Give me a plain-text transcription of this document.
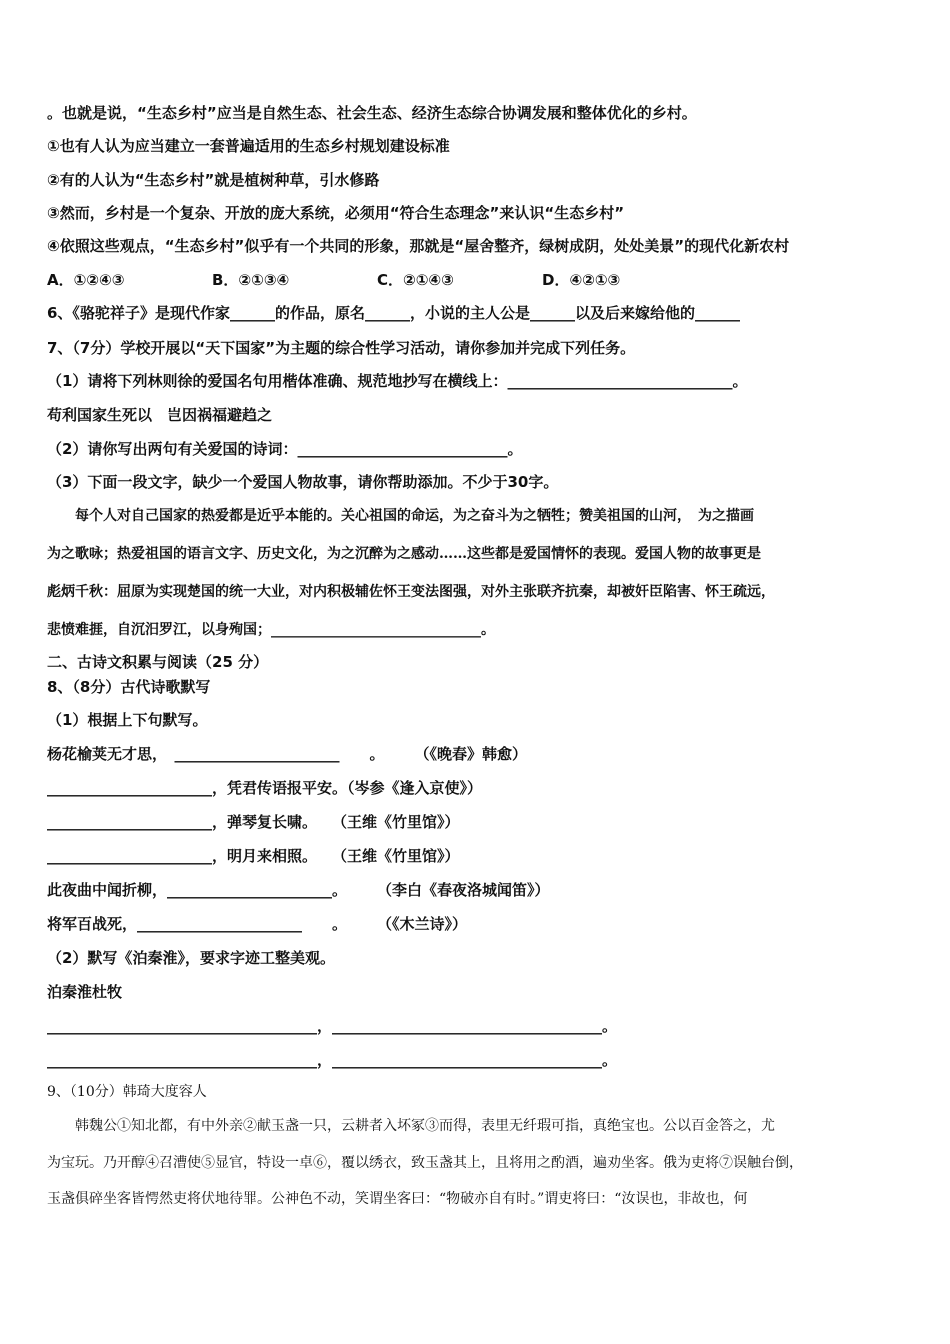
。也就是说，“生态乡村”应当是自然生态、社会生态、经济生态综合协调发展和整体优化的乡村。
①也有人认为应当建立一套普遍适用的生态乡村规划建设标准
②有的人认为“生态乡村”就是植树种草，引水修路
③然而，乡村是一个复杂、开放的庞大系统，必须用“符合生态理念”来认识“生态乡村”
④依照这些观点，“生态乡村”似乎有一个共同的形象，那就是“屋舍整齐，绿树成阴，处处美景”的现代化新农村
A．①②④③	B．②①③④	C．②①④③	D．④②①③
6、《骆驼祥子》是现代作家______的作品，原名______，小说的主人公是______以及后来嫁给他的______
7、（7分）学校开展以“天下国家”为主题的综合性学习活动，请你参加并完成下列任务。
（1）请将下列林则徐的爱国名句用楷体准确、规范地抄写在横线上：______________________________。
苟利国家生死以　岂因祸福避趋之
（2）请你写出两句有关爱国的诗词：____________________________。
（3）下面一段文字，缺少一个爱国人物故事，请你帮助添加。不少于30字。
　　每个人对自己国家的热爱都是近乎本能的。关心祖国的命运，为之奋斗为之牺牲；赞美祖国的山河，　为之描画
为之歌咏；热爱祖国的语言文字、历史文化，为之沉醉为之感动……这些都是爱国情怀的表现。爱国人物的故事更是
彪炳千秋：屈原为实现楚国的统一大业，对内积极辅佐怀王变法图强，对外主张联齐抗秦，却被奸臣陷害、怀王疏远，
悲愤难捱，自沉汨罗江，以身殉国；______________________________。
二、古诗文积累与阅读（25 分）
8、（8分）古代诗歌默写
（1）根据上下句默写。
杨花榆荚无才思，　______________________　　。　　　（《晚春》韩愈）
______________________，凭君传语报平安。（岑参《逢入京使》）
______________________，弹琴复长啸。　　（王维《竹里馆》）
______________________，明月来相照。　　（王维《竹里馆》）
此夜曲中闻折柳，______________________。　　　（李白《春夜洛城闻笛》）
将军百战死，______________________　　。　　　（《木兰诗》）
（2）默写《泊秦淮》，要求字迹工整美观。
泊秦淮杜牧
____________________________________，____________________________________。
____________________________________，____________________________________。
9、（10分）韩琦大度容人
　　韩魏公①知北都，有中外亲②献玉盏一只，云耕者入坏冢③而得，表里无纤瑕可指，真绝宝也。公以百金答之，尤
为宝玩。乃开醇④召漕使⑤显官，特设一卓⑥，覆以绣衣，致玉盏其上，且将用之酌酒，遍劝坐客。俄为吏将⑦误触台倒，
玉盏俱碎坐客皆愕然吏将伏地待罪。公神色不动，笑谓坐客曰：“物破亦自有时。”谓吏将曰：“汝误也，非故也，何
